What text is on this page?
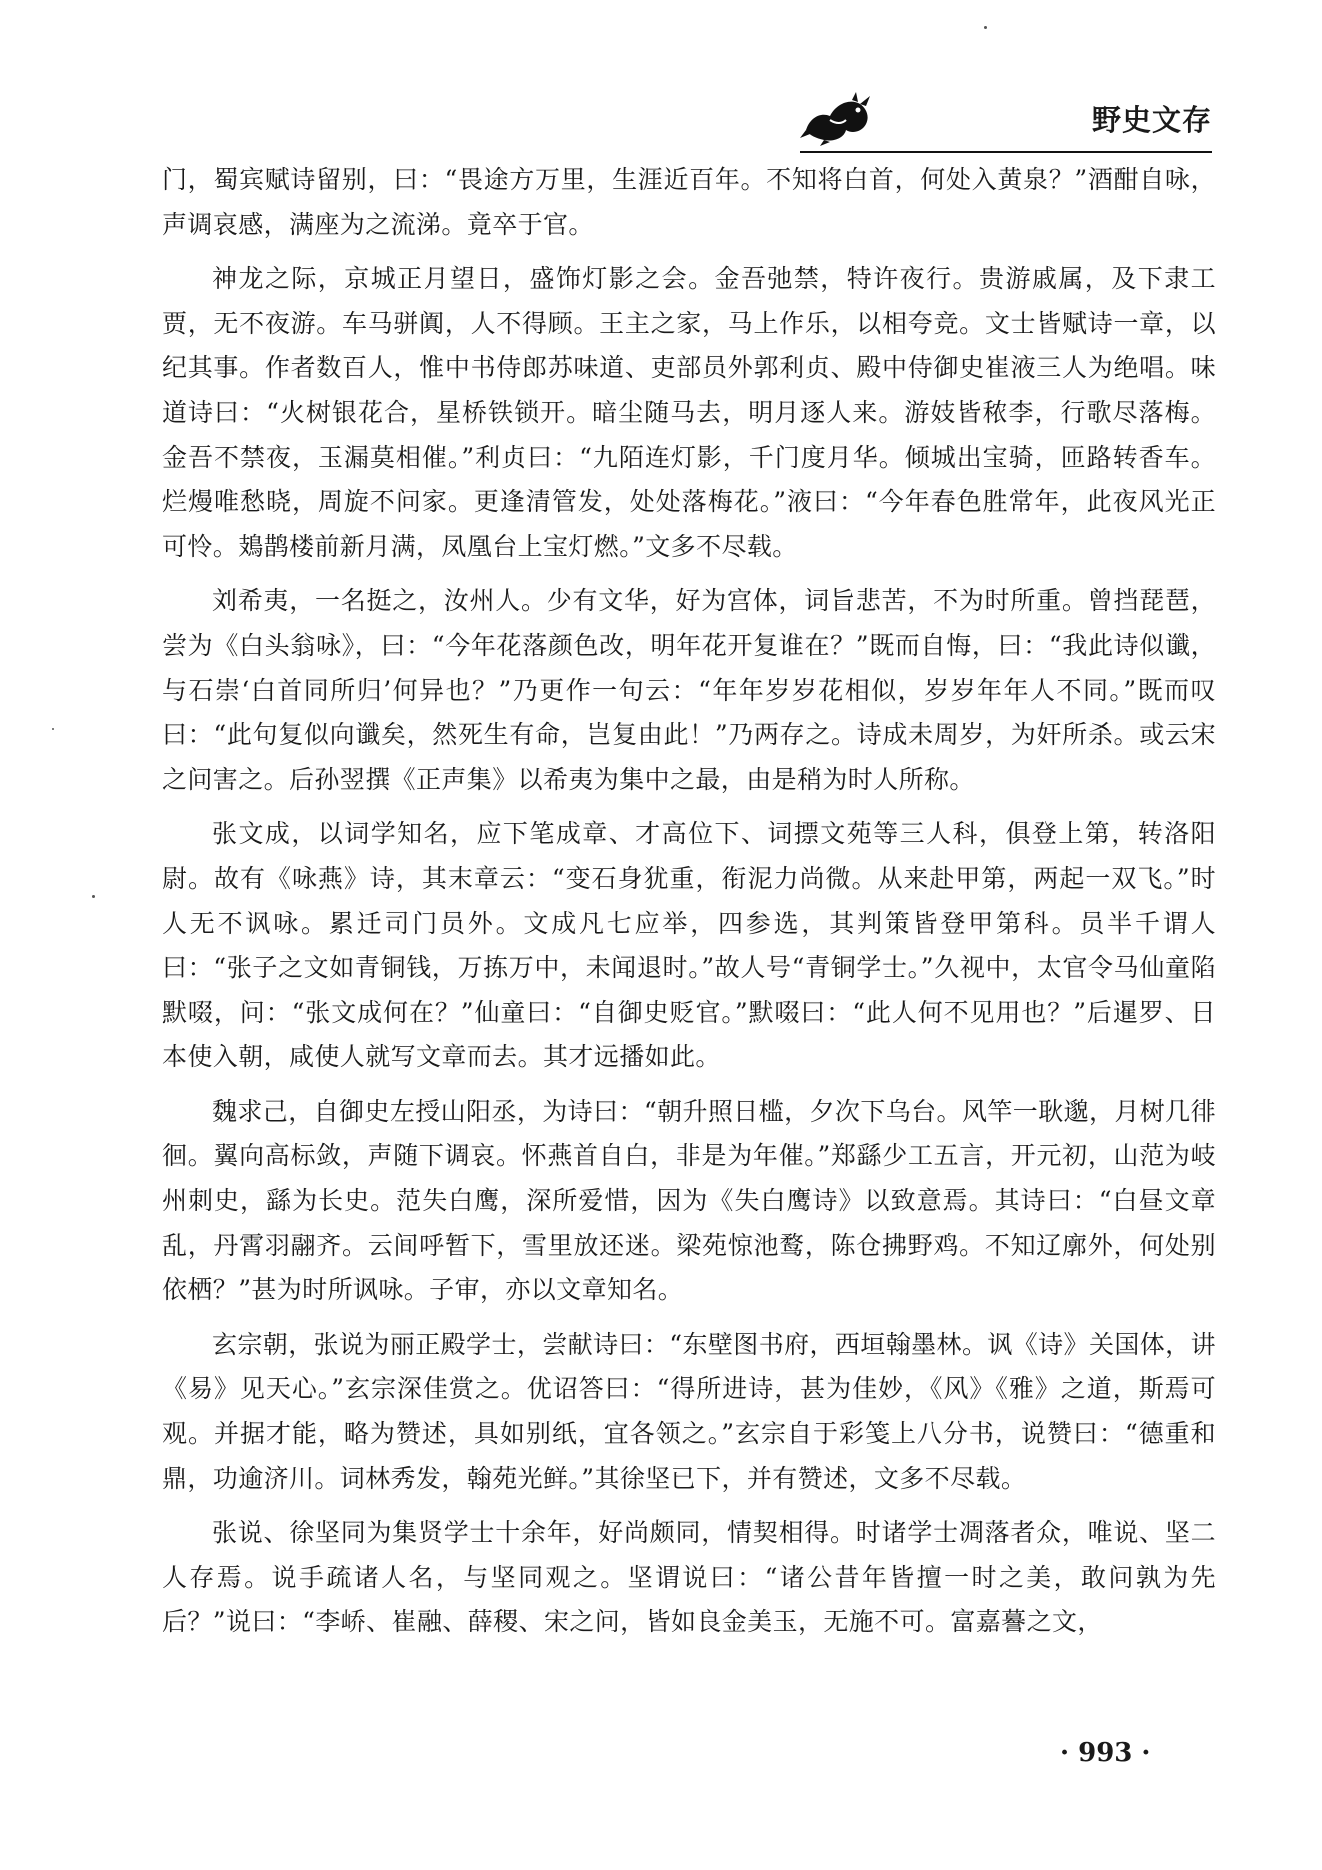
野史文存

门，蜀宾赋诗留别，曰：“畏途方万里，生涯近百年。不知将白首，何处入黄泉？”酒酣自咏，声调哀感，满座为之流涕。竟卒于官。

神龙之际，京城正月望日，盛饰灯影之会。金吾弛禁，特许夜行。贵游戚属，及下隶工贾，无不夜游。车马骈阗，人不得顾。王主之家，马上作乐，以相夸竞。文士皆赋诗一章，以纪其事。作者数百人，惟中书侍郎苏味道、吏部员外郭利贞、殿中侍御史崔液三人为绝唱。味道诗曰：“火树银花合，星桥铁锁开。暗尘随马去，明月逐人来。游妓皆秾李，行歌尽落梅。金吾不禁夜，玉漏莫相催。”利贞曰：“九陌连灯影，千门度月华。倾城出宝骑，匝路转香车。烂熳唯愁晓，周旋不问家。更逢清管发，处处落梅花。”液曰：“今年春色胜常年，此夜风光正可怜。鳷鹊楼前新月满，凤凰台上宝灯燃。”文多不尽载。

刘希夷，一名挺之，汝州人。少有文华，好为宫体，词旨悲苦，不为时所重。曾挡琵琶，尝为《白头翁咏》，曰：“今年花落颜色改，明年花开复谁在？”既而自悔，曰：“我此诗似谶，与石崇‘白首同所归’何异也？”乃更作一句云：“年年岁岁花相似，岁岁年年人不同。”既而叹曰：“此句复似向谶矣，然死生有命，岂复由此！”乃两存之。诗成未周岁，为奸所杀。或云宋之问害之。后孙翌撰《正声集》以希夷为集中之最，由是稍为时人所称。

张文成，以词学知名，应下笔成章、才高位下、词摽文苑等三人科，俱登上第，转洛阳尉。故有《咏燕》诗，其末章云：“变石身犹重，衔泥力尚微。从来赴甲第，两起一双飞。”时人无不讽咏。累迁司门员外。文成凡七应举，四参选，其判策皆登甲第科。员半千谓人曰：“张子之文如青铜钱，万拣万中，未闻退时。”故人号“青铜学士。”久视中，太官令马仙童陷默啜，问：“张文成何在？”仙童曰：“自御史贬官。”默啜曰：“此人何不见用也？”后暹罗、日本使入朝，咸使人就写文章而去。其才远播如此。

魏求己，自御史左授山阳丞，为诗曰：“朝升照日槛，夕次下乌台。风竿一耿邈，月树几徘徊。翼向高标敛，声随下调哀。怀燕首自白，非是为年催。”郑繇少工五言，开元初，山范为岐州刺史，繇为长史。范失白鹰，深所爱惜，因为《失白鹰诗》以致意焉。其诗曰：“白昼文章乱，丹霄羽翮齐。云间呼暂下，雪里放还迷。梁苑惊池鹜，陈仓拂野鸡。不知辽廓外，何处别依栖？”甚为时所讽咏。子审，亦以文章知名。

玄宗朝，张说为丽正殿学士，尝献诗曰：“东壁图书府，西垣翰墨林。讽《诗》关国体，讲《易》见天心。”玄宗深佳赏之。优诏答曰：“得所进诗，甚为佳妙，《风》《雅》之道，斯焉可观。并据才能，略为赞述，具如别纸，宜各领之。”玄宗自于彩笺上八分书，说赞曰：“德重和鼎，功逾济川。词林秀发，翰苑光鲜。”其徐坚已下，并有赞述，文多不尽载。

张说、徐坚同为集贤学士十余年，好尚颇同，情契相得。时诸学士凋落者众，唯说、坚二人存焉。说手疏诸人名，与坚同观之。坚谓说曰：“诸公昔年皆擅一时之美，敢问孰为先后？”说曰：“李峤、崔融、薛稷、宋之问，皆如良金美玉，无施不可。富嘉謩之文，

· 993 ·
